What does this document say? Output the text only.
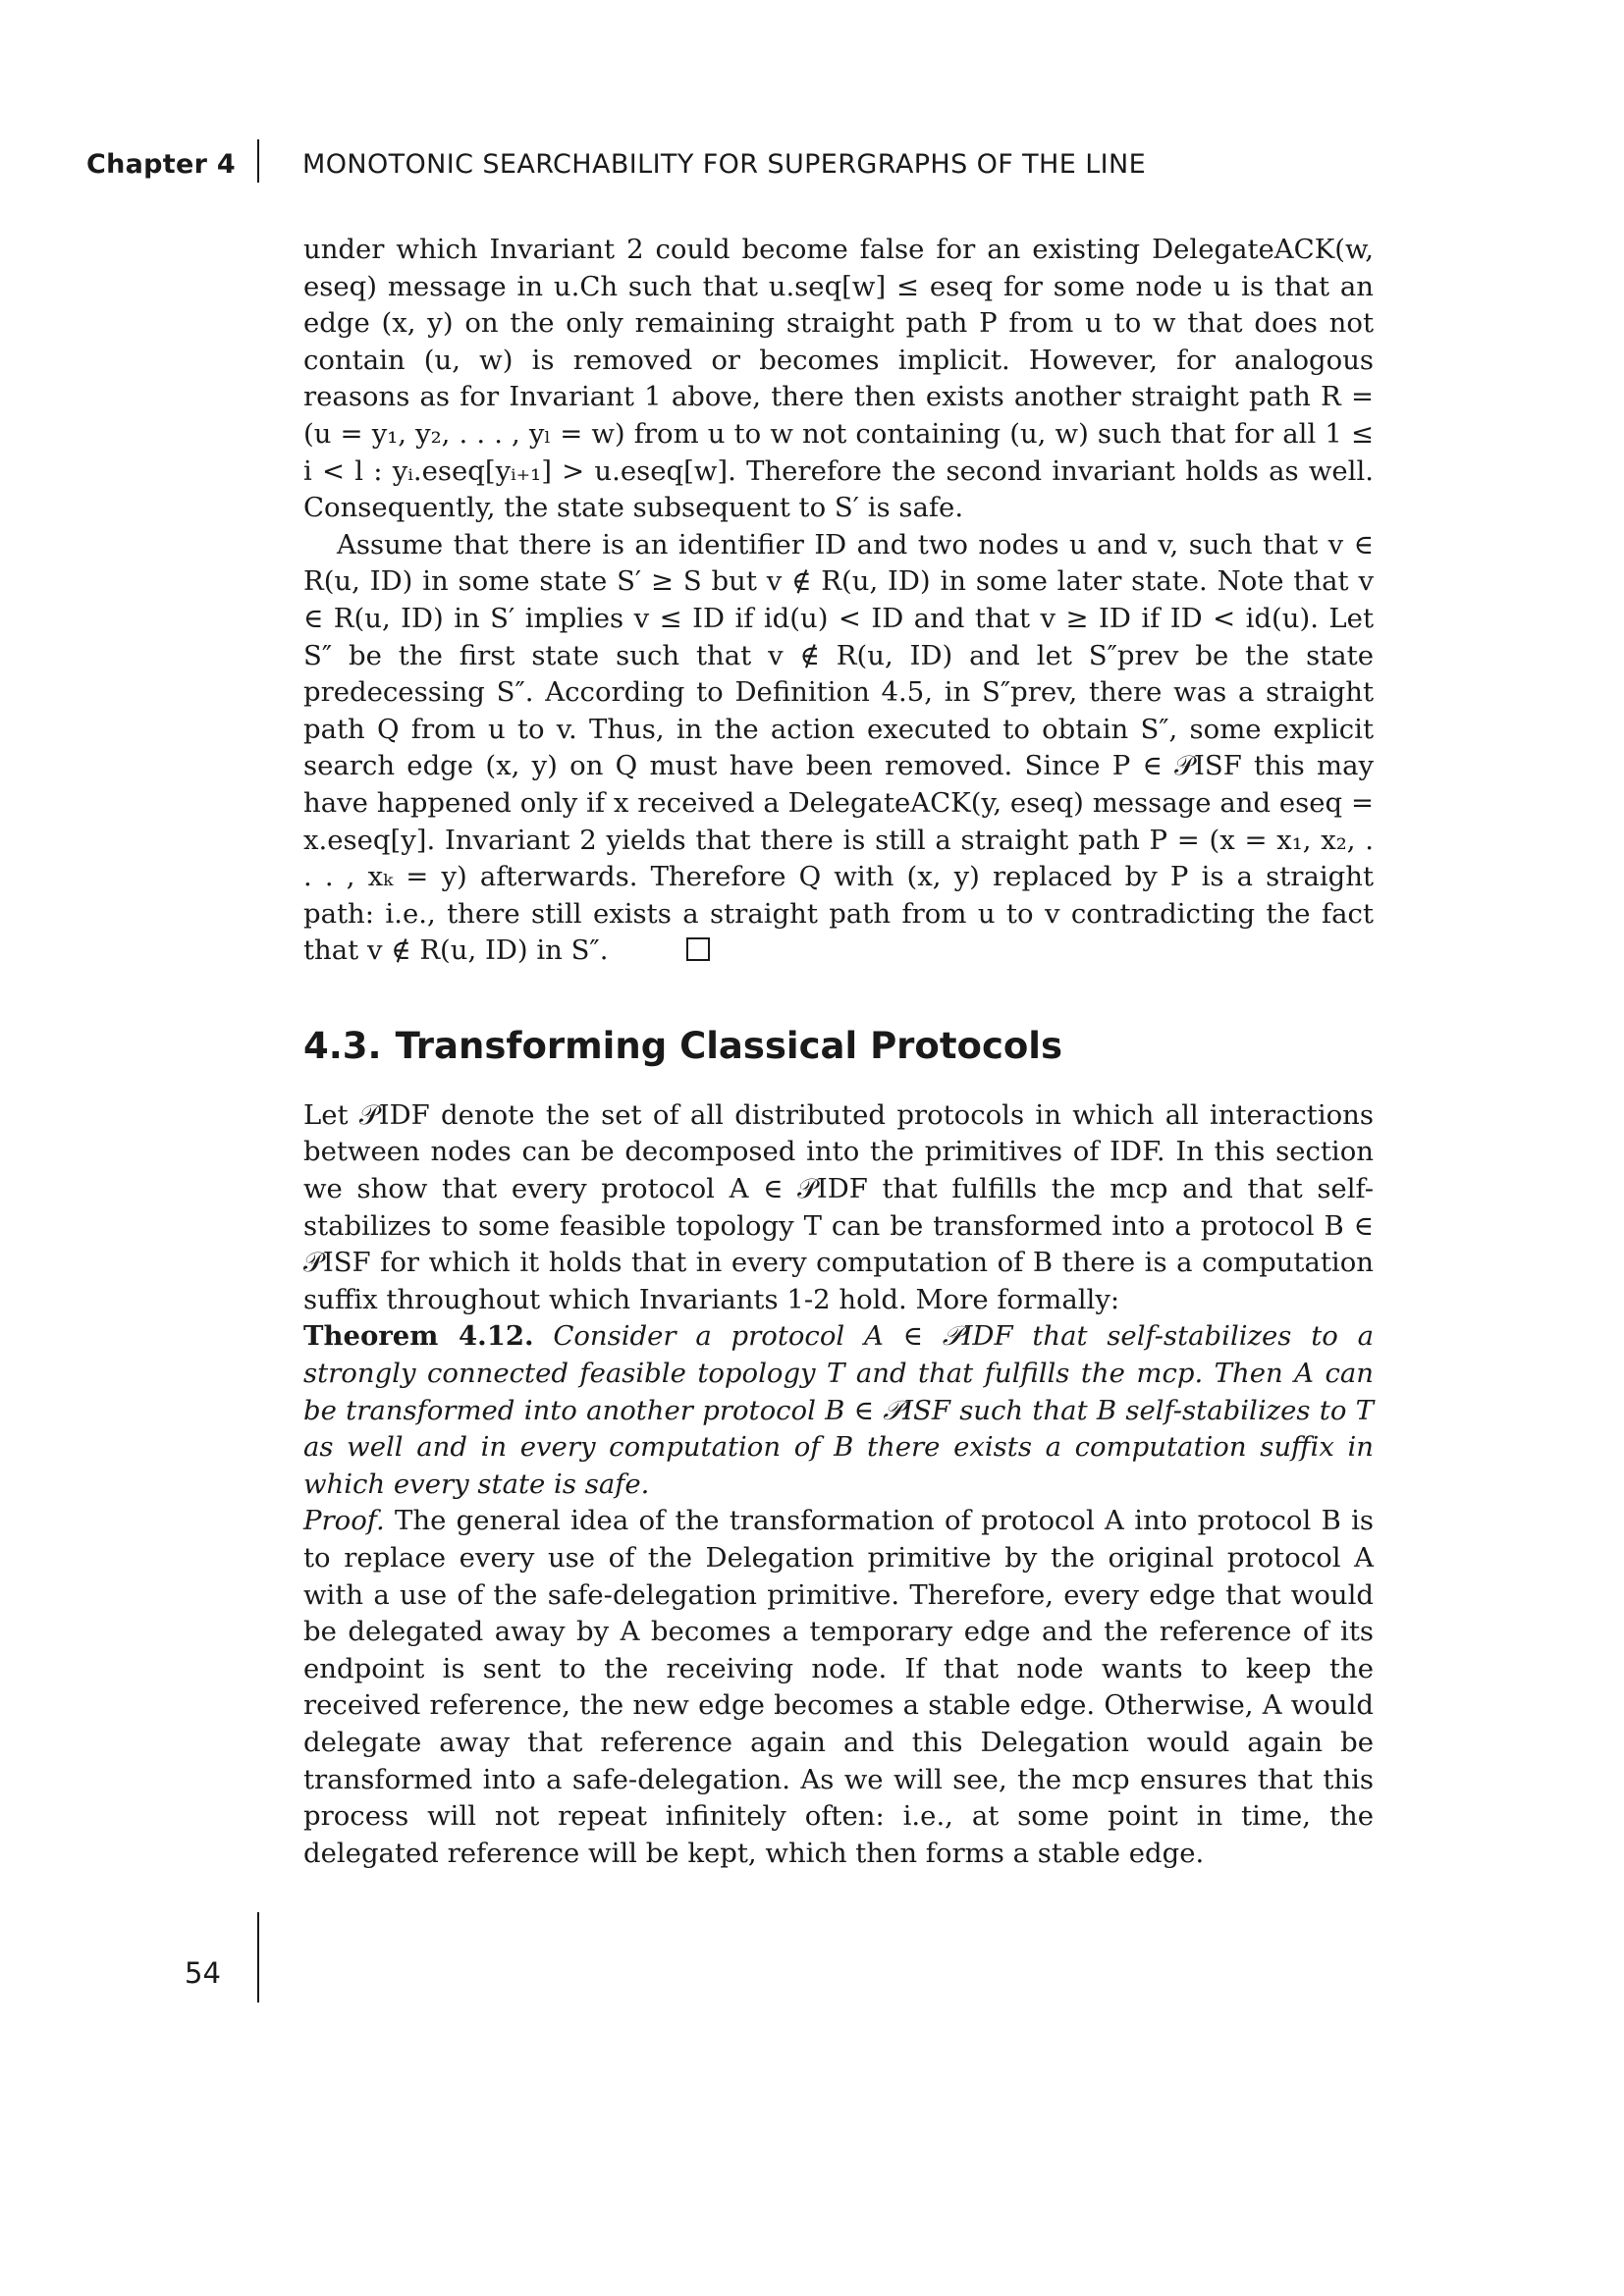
Chapter 4	MONOTONIC SEARCHABILITY FOR SUPERGRAPHS OF THE LINE

under which Invariant 2 could become false for an existing DelegateACK(w, eseq) message in u.Ch such that u.seq[w] ≤ eseq for some node u is that an edge (x, y) on the only remaining straight path P from u to w that does not contain (u, w) is removed or becomes implicit. However, for analogous reasons as for Invariant 1 above, there then exists another straight path R = (u = y₁, y₂, . . . , yₗ = w) from u to w not containing (u, w) such that for all 1 ≤ i < l : yᵢ.eseq[yᵢ₊₁] > u.eseq[w]. Therefore the second invariant holds as well. Consequently, the state subsequent to S′ is safe.

Assume that there is an identifier ID and two nodes u and v, such that v ∈ R(u, ID) in some state S′ ≥ S but v ∉ R(u, ID) in some later state. Note that v ∈ R(u, ID) in S′ implies v ≤ ID if id(u) < ID and that v ≥ ID if ID < id(u). Let S″ be the first state such that v ∉ R(u, ID) and let S″prev be the state predecessing S″. According to Definition 4.5, in S″prev, there was a straight path Q from u to v. Thus, in the action executed to obtain S″, some explicit search edge (x, y) on Q must have been removed. Since P ∈ 𝒫ISF this may have happened only if x received a DelegateACK(y, eseq) message and eseq = x.eseq[y]. Invariant 2 yields that there is still a straight path P = (x = x₁, x₂, . . . , xₖ = y) afterwards. Therefore Q with (x, y) replaced by P is a straight path: i.e., there still exists a straight path from u to v contradicting the fact that v ∉ R(u, ID) in S″.

4.3. Transforming Classical Protocols

Let 𝒫IDF denote the set of all distributed protocols in which all interactions between nodes can be decomposed into the primitives of IDF. In this section we show that every protocol A ∈ 𝒫IDF that fulfills the mcp and that self-stabilizes to some feasible topology T can be transformed into a protocol B ∈ 𝒫ISF for which it holds that in every computation of B there is a computation suffix throughout which Invariants 1-2 hold. More formally:

Theorem 4.12. Consider a protocol A ∈ 𝒫IDF that self-stabilizes to a strongly connected feasible topology T and that fulfills the mcp. Then A can be transformed into another protocol B ∈ 𝒫ISF such that B self-stabilizes to T as well and in every computation of B there exists a computation suffix in which every state is safe.

Proof. The general idea of the transformation of protocol A into protocol B is to replace every use of the Delegation primitive by the original protocol A with a use of the safe-delegation primitive. Therefore, every edge that would be delegated away by A becomes a temporary edge and the reference of its endpoint is sent to the receiving node. If that node wants to keep the received reference, the new edge becomes a stable edge. Otherwise, A would delegate away that reference again and this Delegation would again be transformed into a safe-delegation. As we will see, the mcp ensures that this process will not repeat infinitely often: i.e., at some point in time, the delegated reference will be kept, which then forms a stable edge.

54
